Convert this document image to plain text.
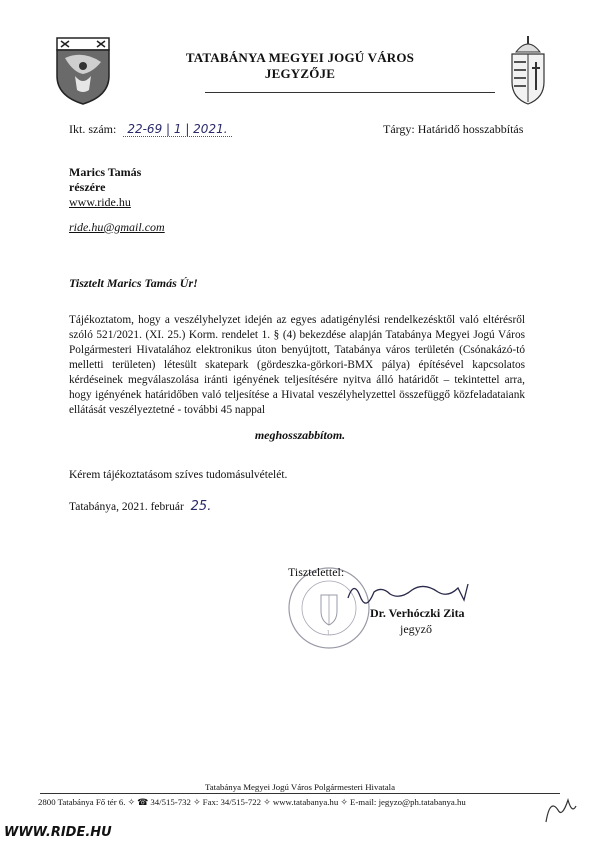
TATABÁNYA MEGYEI JOGÚ VÁROS
JEGYZŐJE
Ikt. szám: 22-69 | 1 | 2021.	Tárgy: Határidő hosszabbítás
Marics Tamás
részére
www.ride.hu
ride.hu@gmail.com
Tisztelt Marics Tamás Úr!
Tájékoztatom, hogy a veszélyhelyzet idején az egyes adatigénylési rendelkezésktől való eltérésről szóló 521/2021. (XI. 25.) Korm. rendelet 1. § (4) bekezdése alapján Tatabánya Megyei Jogú Város Polgármesteri Hivatalához elektronikus úton benyújtott, Tatabánya város területén (Csónakázó-tó melletti területen) létesült skatepark (gördeszka-görkori-BMX pálya) építésével kapcsolatos kérdéseinek megválaszolása iránti igényének teljesítésére nyitva álló határidőt – tekintettel arra, hogy igényének határidőben való teljesítése a Hivatal veszélyhelyzettel összefüggő közfeladataiank ellátását veszélyeztetné - további 45 nappal
meghosszabbítom.
Kérem tájékoztatásom szíves tudomásulvételét.
Tatabánya, 2021. február 25.
1.
Tisztelettel:
Dr. Verhóczki Zita
jegyző
Tatabánya Megyei Jogú Város Polgármesteri Hivatala
2800 Tatabánya Fő tér 6. ✧ ☎ 34/515-732 ✧ Fax: 34/515-722 ✧ www.tatabanya.hu ✧ E-mail: jegyzo@ph.tatabanya.hu
WWW.RIDE.HU
